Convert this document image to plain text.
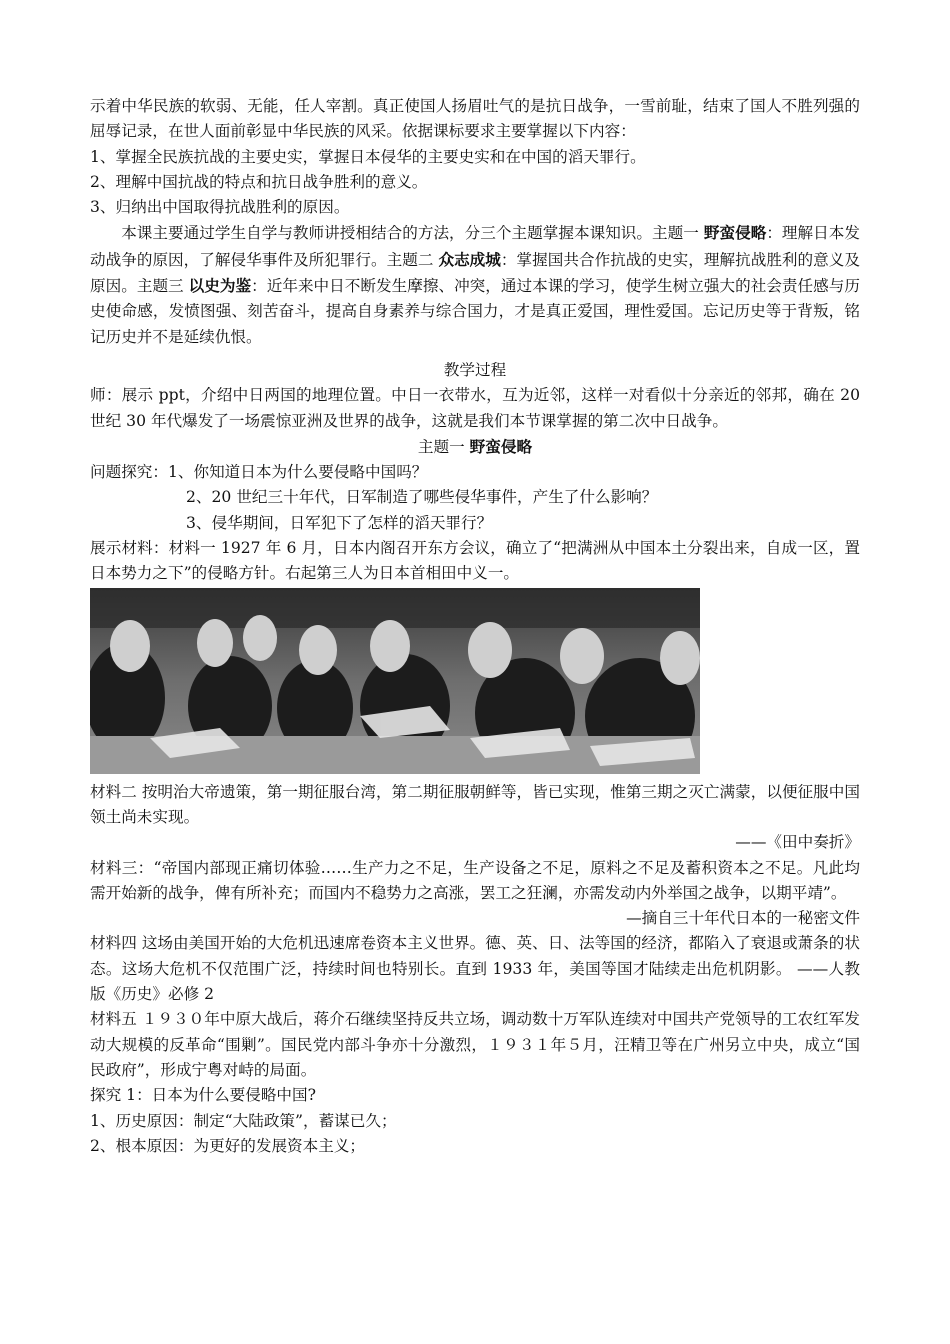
示着中华民族的软弱、无能，任人宰割。真正使国人扬眉吐气的是抗日战争，一雪前耻，结束了国人不胜列强的屈辱记录，在世人面前彰显中华民族的风采。依据课标要求主要掌握以下内容：

1、掌握全民族抗战的主要史实，掌握日本侵华的主要史实和在中国的滔天罪行。

2、理解中国抗战的特点和抗日战争胜利的意义。

3、归纳出中国取得抗战胜利的原因。

本课主要通过学生自学与教师讲授相结合的方法，分三个主题掌握本课知识。主题一 野蛮侵略：理解日本发动战争的原因，了解侵华事件及所犯罪行。主题二 众志成城：掌握国共合作抗战的史实，理解抗战胜利的意义及原因。主题三 以史为鉴：近年来中日不断发生摩擦、冲突，通过本课的学习，使学生树立强大的社会责任感与历史使命感，发愤图强、刻苦奋斗，提高自身素养与综合国力，才是真正爱国，理性爱国。忘记历史等于背叛，铭记历史并不是延续仇恨。

教学过程

师：展示 ppt，介绍中日两国的地理位置。中日一衣带水，互为近邻，这样一对看似十分亲近的邻邦，确在 20 世纪 30 年代爆发了一场震惊亚洲及世界的战争，这就是我们本节课掌握的第二次中日战争。

主题一 野蛮侵略

问题探究：1、你知道日本为什么要侵略中国吗？

2、20 世纪三十年代，日军制造了哪些侵华事件，产生了什么影响？

3、侵华期间，日军犯下了怎样的滔天罪行？

展示材料：材料一 1927 年 6 月，日本内阁召开东方会议，确立了“把满洲从中国本土分裂出来，自成一区，置日本势力之下”的侵略方针。右起第三人为日本首相田中义一。

材料二 按明治大帝遗策，第一期征服台湾，第二期征服朝鲜等，皆已实现，惟第三期之灭亡满蒙，以便征服中国领土尚未实现。

——《田中奏折》

材料三：“帝国内部现正痛切体验……生产力之不足，生产设备之不足，原料之不足及蓄积资本之不足。凡此均需开始新的战争，俾有所补充；而国内不稳势力之高涨，罢工之狂澜，亦需发动内外举国之战争，以期平靖”。

—摘自三十年代日本的一秘密文件

材料四 这场由美国开始的大危机迅速席卷资本主义世界。德、英、日、法等国的经济，都陷入了衰退或萧条的状态。这场大危机不仅范围广泛，持续时间也特别长。直到 1933 年，美国等国才陆续走出危机阴影。 ——人教版《历史》必修 2

材料五 １９３０年中原大战后，蒋介石继续坚持反共立场，调动数十万军队连续对中国共产党领导的工农红军发动大规模的反革命“围剿”。国民党内部斗争亦十分激烈，１９３１年５月，汪精卫等在广州另立中央，成立“国民政府”，形成宁粤对峙的局面。

探究 1：日本为什么要侵略中国?

1、历史原因：制定“大陆政策”，蓄谋已久；

2、根本原因：为更好的发展资本主义；
